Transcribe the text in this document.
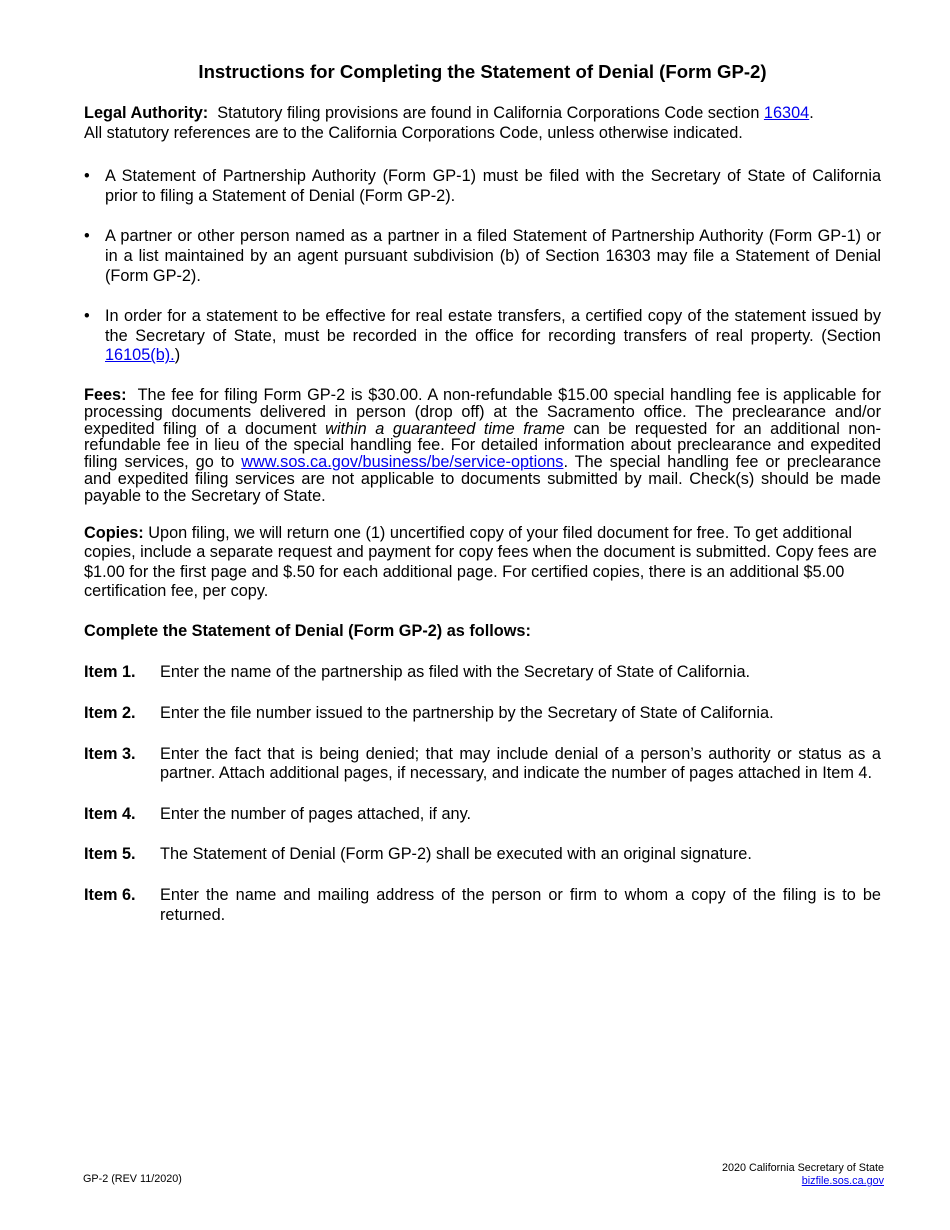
Instructions for Completing the Statement of Denial (Form GP-2)

Legal Authority: Statutory filing provisions are found in California Corporations Code section 16304.
All statutory references are to the California Corporations Code, unless otherwise indicated.

• A Statement of Partnership Authority (Form GP-1) must be filed with the Secretary of State of California prior to filing a Statement of Denial (Form GP-2).
• A partner or other person named as a partner in a filed Statement of Partnership Authority (Form GP-1) or in a list maintained by an agent pursuant subdivision (b) of Section 16303 may file a Statement of Denial (Form GP-2).
• In order for a statement to be effective for real estate transfers, a certified copy of the statement issued by the Secretary of State, must be recorded in the office for recording transfers of real property. (Section 16105(b).)

Fees: The fee for filing Form GP-2 is $30.00. A non-refundable $15.00 special handling fee is applicable for processing documents delivered in person (drop off) at the Sacramento office. The preclearance and/or expedited filing of a document within a guaranteed time frame can be requested for an additional non-refundable fee in lieu of the special handling fee. For detailed information about preclearance and expedited filing services, go to www.sos.ca.gov/business/be/service-options. The special handling fee or preclearance and expedited filing services are not applicable to documents submitted by mail. Check(s) should be made payable to the Secretary of State.

Copies: Upon filing, we will return one (1) uncertified copy of your filed document for free. To get additional copies, include a separate request and payment for copy fees when the document is submitted. Copy fees are $1.00 for the first page and $.50 for each additional page. For certified copies, there is an additional $5.00 certification fee, per copy.

Complete the Statement of Denial (Form GP-2) as follows:

Item 1.	Enter the name of the partnership as filed with the Secretary of State of California.
Item 2.	Enter the file number issued to the partnership by the Secretary of State of California.
Item 3.	Enter the fact that is being denied; that may include denial of a person’s authority or status as a partner. Attach additional pages, if necessary, and indicate the number of pages attached in Item 4.
Item 4.	Enter the number of pages attached, if any.
Item 5.	The Statement of Denial (Form GP-2) shall be executed with an original signature.
Item 6.	Enter the name and mailing address of the person or firm to whom a copy of the filing is to be returned.
GP-2 (REV 11/2020)
2020 California Secretary of State
bizfile.sos.ca.gov
